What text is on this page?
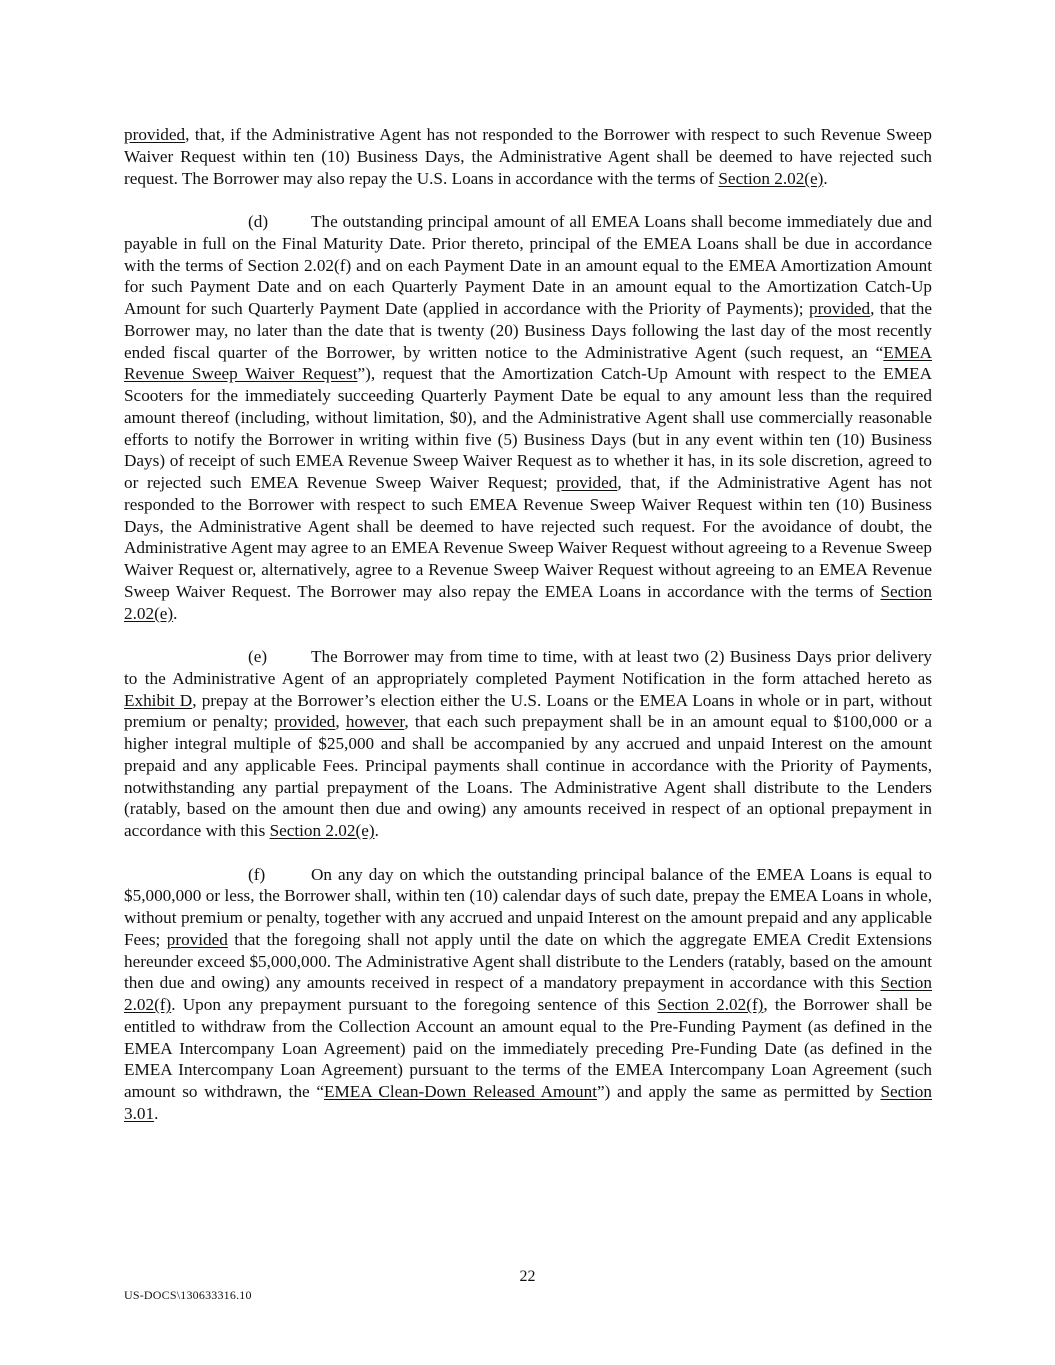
provided, that, if the Administrative Agent has not responded to the Borrower with respect to such Revenue Sweep Waiver Request within ten (10) Business Days, the Administrative Agent shall be deemed to have rejected such request. The Borrower may also repay the U.S. Loans in accordance with the terms of Section 2.02(e).

(d) The outstanding principal amount of all EMEA Loans shall become immediately due and payable in full on the Final Maturity Date. Prior thereto, principal of the EMEA Loans shall be due in accordance with the terms of Section 2.02(f) and on each Payment Date in an amount equal to the EMEA Amortization Amount for such Payment Date and on each Quarterly Payment Date in an amount equal to the Amortization Catch-Up Amount for such Quarterly Payment Date (applied in accordance with the Priority of Payments); provided, that the Borrower may, no later than the date that is twenty (20) Business Days following the last day of the most recently ended fiscal quarter of the Borrower, by written notice to the Administrative Agent (such request, an “EMEA Revenue Sweep Waiver Request”), request that the Amortization Catch-Up Amount with respect to the EMEA Scooters for the immediately succeeding Quarterly Payment Date be equal to any amount less than the required amount thereof (including, without limitation, $0), and the Administrative Agent shall use commercially reasonable efforts to notify the Borrower in writing within five (5) Business Days (but in any event within ten (10) Business Days) of receipt of such EMEA Revenue Sweep Waiver Request as to whether it has, in its sole discretion, agreed to or rejected such EMEA Revenue Sweep Waiver Request; provided, that, if the Administrative Agent has not responded to the Borrower with respect to such EMEA Revenue Sweep Waiver Request within ten (10) Business Days, the Administrative Agent shall be deemed to have rejected such request. For the avoidance of doubt, the Administrative Agent may agree to an EMEA Revenue Sweep Waiver Request without agreeing to a Revenue Sweep Waiver Request or, alternatively, agree to a Revenue Sweep Waiver Request without agreeing to an EMEA Revenue Sweep Waiver Request. The Borrower may also repay the EMEA Loans in accordance with the terms of Section 2.02(e).

(e)	The Borrower may from time to time, with at least two (2) Business Days prior delivery to the Administrative Agent of an appropriately completed Payment Notification in the form attached hereto as Exhibit D, prepay at the Borrower’s election either the U.S. Loans or the EMEA Loans in whole or in part, without premium or penalty; provided, however, that each such prepayment shall be in an amount equal to $100,000 or a higher integral multiple of $25,000 and shall be accompanied by any accrued and unpaid Interest on the amount prepaid and any applicable Fees. Principal payments shall continue in accordance with the Priority of Payments, notwithstanding any partial prepayment of the Loans. The Administrative Agent shall distribute to the Lenders (ratably, based on the amount then due and owing) any amounts received in respect of an optional prepayment in accordance with this Section 2.02(e).

(f)	On any day on which the outstanding principal balance of the EMEA Loans is equal to $5,000,000 or less, the Borrower shall, within ten (10) calendar days of such date, prepay the EMEA Loans in whole, without premium or penalty, together with any accrued and unpaid Interest on the amount prepaid and any applicable Fees; provided that the foregoing shall not apply until the date on which the aggregate EMEA Credit Extensions hereunder exceed $5,000,000. The Administrative Agent shall distribute to the Lenders (ratably, based on the amount then due and owing) any amounts received in respect of a mandatory prepayment in accordance with this Section 2.02(f). Upon any prepayment pursuant to the foregoing sentence of this Section 2.02(f), the Borrower shall be entitled to withdraw from the Collection Account an amount equal to the Pre-Funding Payment (as defined in the EMEA Intercompany Loan Agreement) paid on the immediately preceding Pre-Funding Date (as defined in the EMEA Intercompany Loan Agreement) pursuant to the terms of the EMEA Intercompany Loan Agreement (such amount so withdrawn, the “EMEA Clean-Down Released Amount”) and apply the same as permitted by Section 3.01.

22
US-DOCS\130633316.10
